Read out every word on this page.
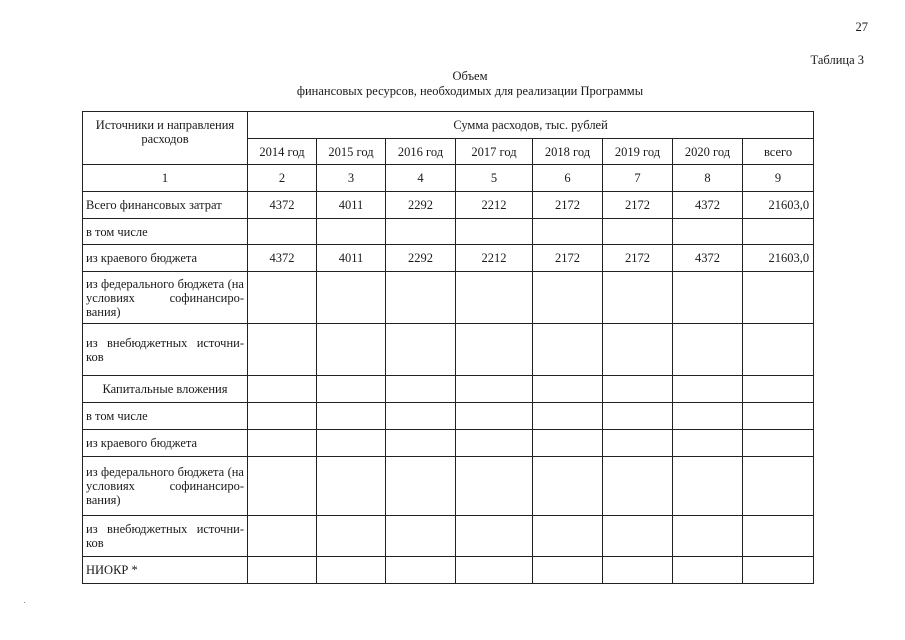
27
Таблица 3
Объем
финансовых ресурсов, необходимых для реализации Программы
Источники и направления расходов	Сумма расходов, тыс. рублей							
	2014 год	2015 год	2016 год	2017 год	2018 год	2019 год	2020 год	всего
1	2	3	4	5	6	7	8	9
Всего финансовых затрат	4372	4011	2292	2212	2172	2172	4372	21603,0
в том числе								
из краевого бюджета	4372	4011	2292	2212	2172	2172	4372	21603,0
из федерального бюджета (на условиях софинансиро-вания)								
из внебюджетных источни-ков								
Капитальные вложения								
в том числе								
из краевого бюджета								
из федерального бюджета (на условиях софинансиро-вания)								
из внебюджетных источни-ков								
НИОКР *								
